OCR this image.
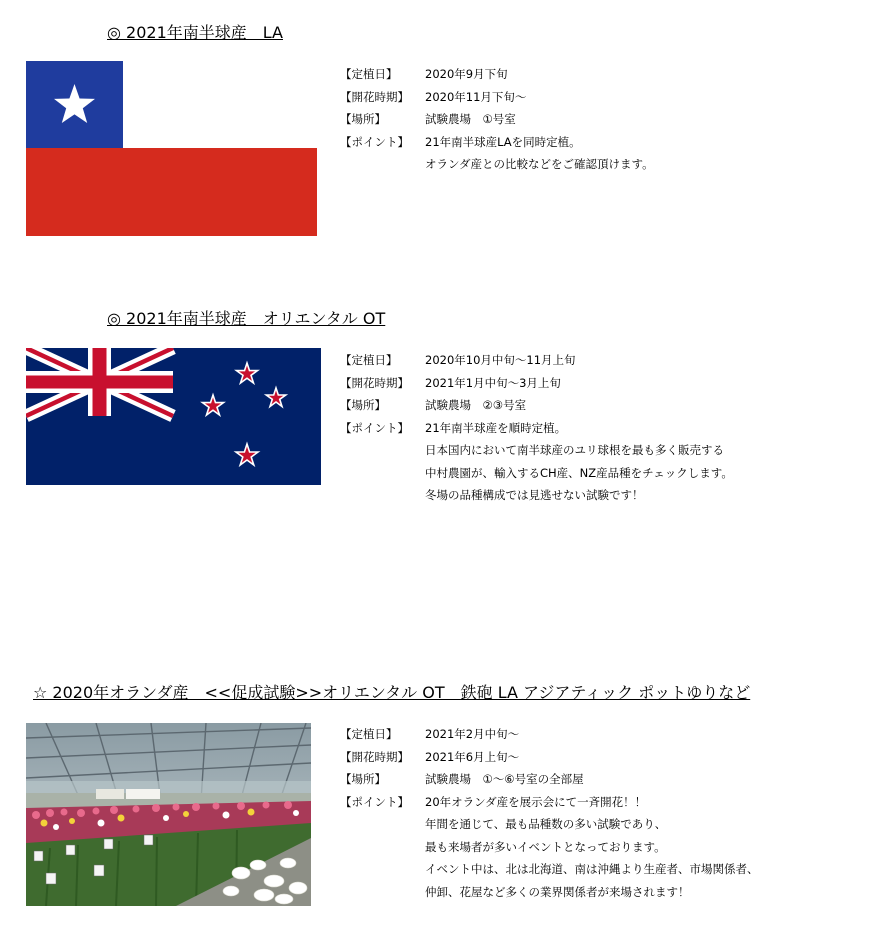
◎ 2021年南半球産　LA
【定植日】	2020年9月下旬
【開花時期】	2020年11月下旬～
【場所】	試験農場　①号室
【ポイント】	21年南半球産LAを同時定植。
オランダ産との比較などをご確認頂けます。
◎ 2021年南半球産　オリエンタル OT
【定植日】	2020年10月中旬～11月上旬
【開花時期】	2021年1月中旬～3月上旬
【場所】	試験農場　②③号室
【ポイント】	21年南半球産を順時定植。
日本国内において南半球産のユリ球根を最も多く販売する
中村農園が、輸入するCH産、NZ産品種をチェックします。
冬場の品種構成では見逃せない試験です！
☆ 2020年オランダ産　<<促成試験>>オリエンタル OT　鉄砲 LA アジアティック ポットゆりなど
【定植日】	2021年2月中旬～
【開花時期】	2021年6月上旬～
【場所】	試験農場　①～⑥号室の全部屋
【ポイント】	20年オランダ産を展示会にて一斉開花！！
年間を通じて、最も品種数の多い試験であり、
最も来場者が多いイベントとなっております。
イベント中は、北は北海道、南は沖縄より生産者、市場関係者、
仲卸、花屋など多くの業界関係者が来場されます！
